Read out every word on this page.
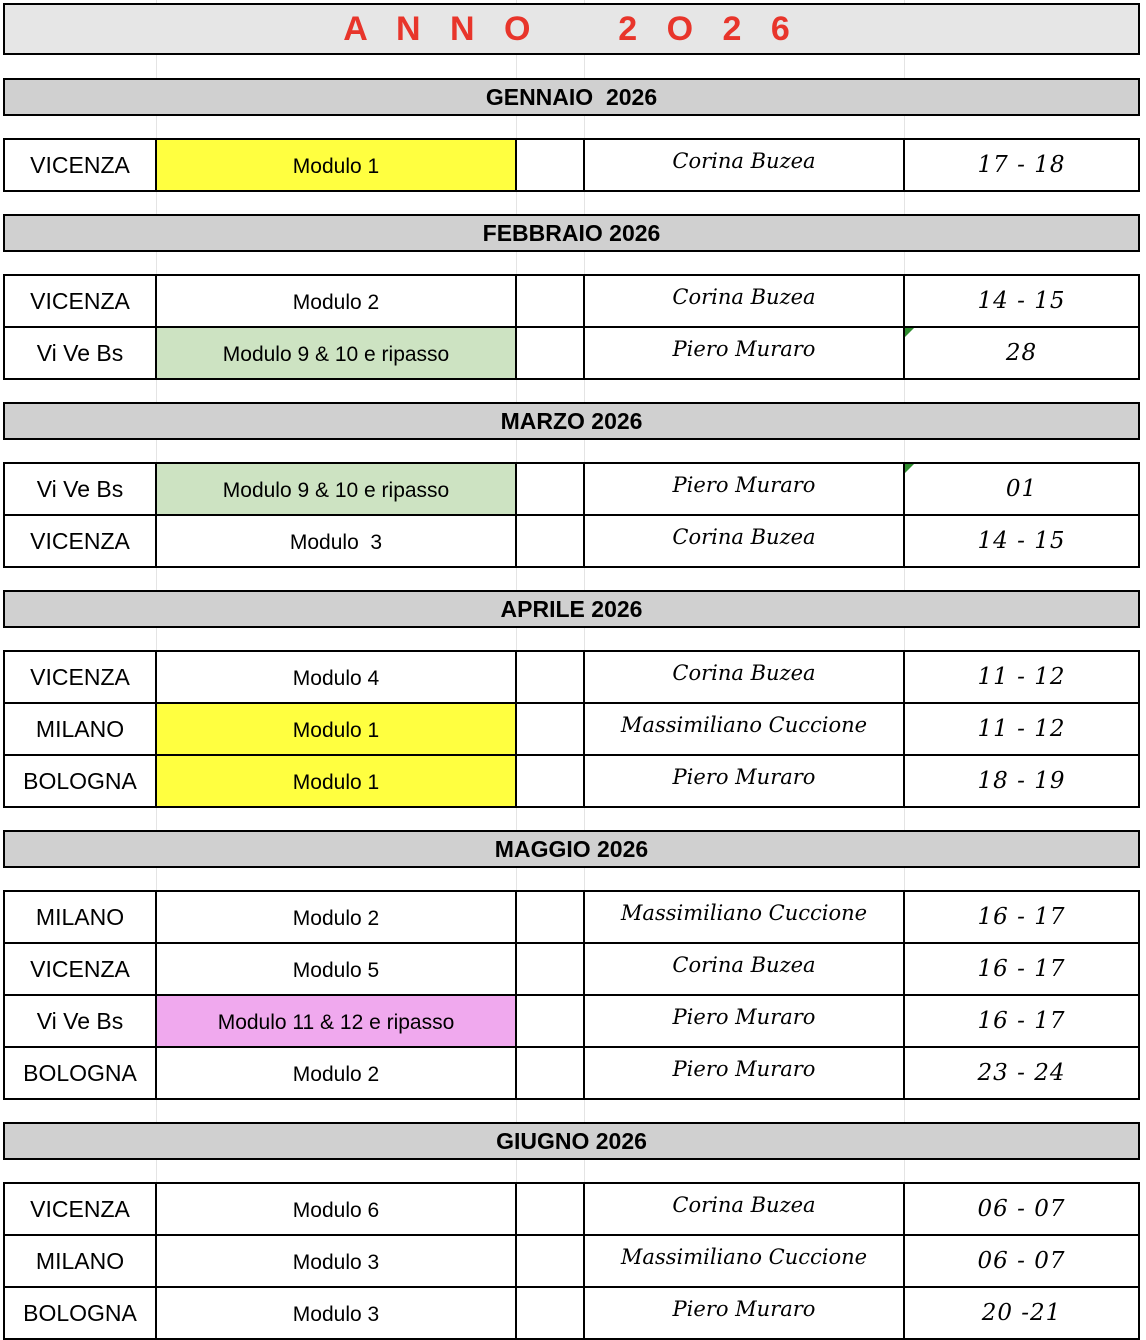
A N N O    2 O 2 6
GENNAIO  2026
VICENZA	Modulo 1	Corina Buzea	17 - 18
FEBBRAIO 2026
VICENZA	Modulo 2	Corina Buzea	14 - 15
Vi Ve Bs	Modulo 9 & 10 e ripasso	Piero Muraro	28
MARZO 2026
Vi Ve Bs	Modulo 9 & 10 e ripasso	Piero Muraro	01
VICENZA	Modulo  3	Corina Buzea	14 - 15
APRILE 2026
VICENZA	Modulo 4	Corina Buzea	11 - 12
MILANO	Modulo 1	Massimiliano Cuccione	11 - 12
BOLOGNA	Modulo 1	Piero Muraro	18 - 19
MAGGIO 2026
MILANO	Modulo 2	Massimiliano Cuccione	16 - 17
VICENZA	Modulo 5	Corina Buzea	16 - 17
Vi Ve Bs	Modulo 11 & 12 e ripasso	Piero Muraro	16 - 17
BOLOGNA	Modulo 2	Piero Muraro	23 - 24
GIUGNO 2026
VICENZA	Modulo 6	Corina Buzea	06 - 07
MILANO	Modulo 3	Massimiliano Cuccione	06 - 07
BOLOGNA	Modulo 3	Piero Muraro	20 -21
